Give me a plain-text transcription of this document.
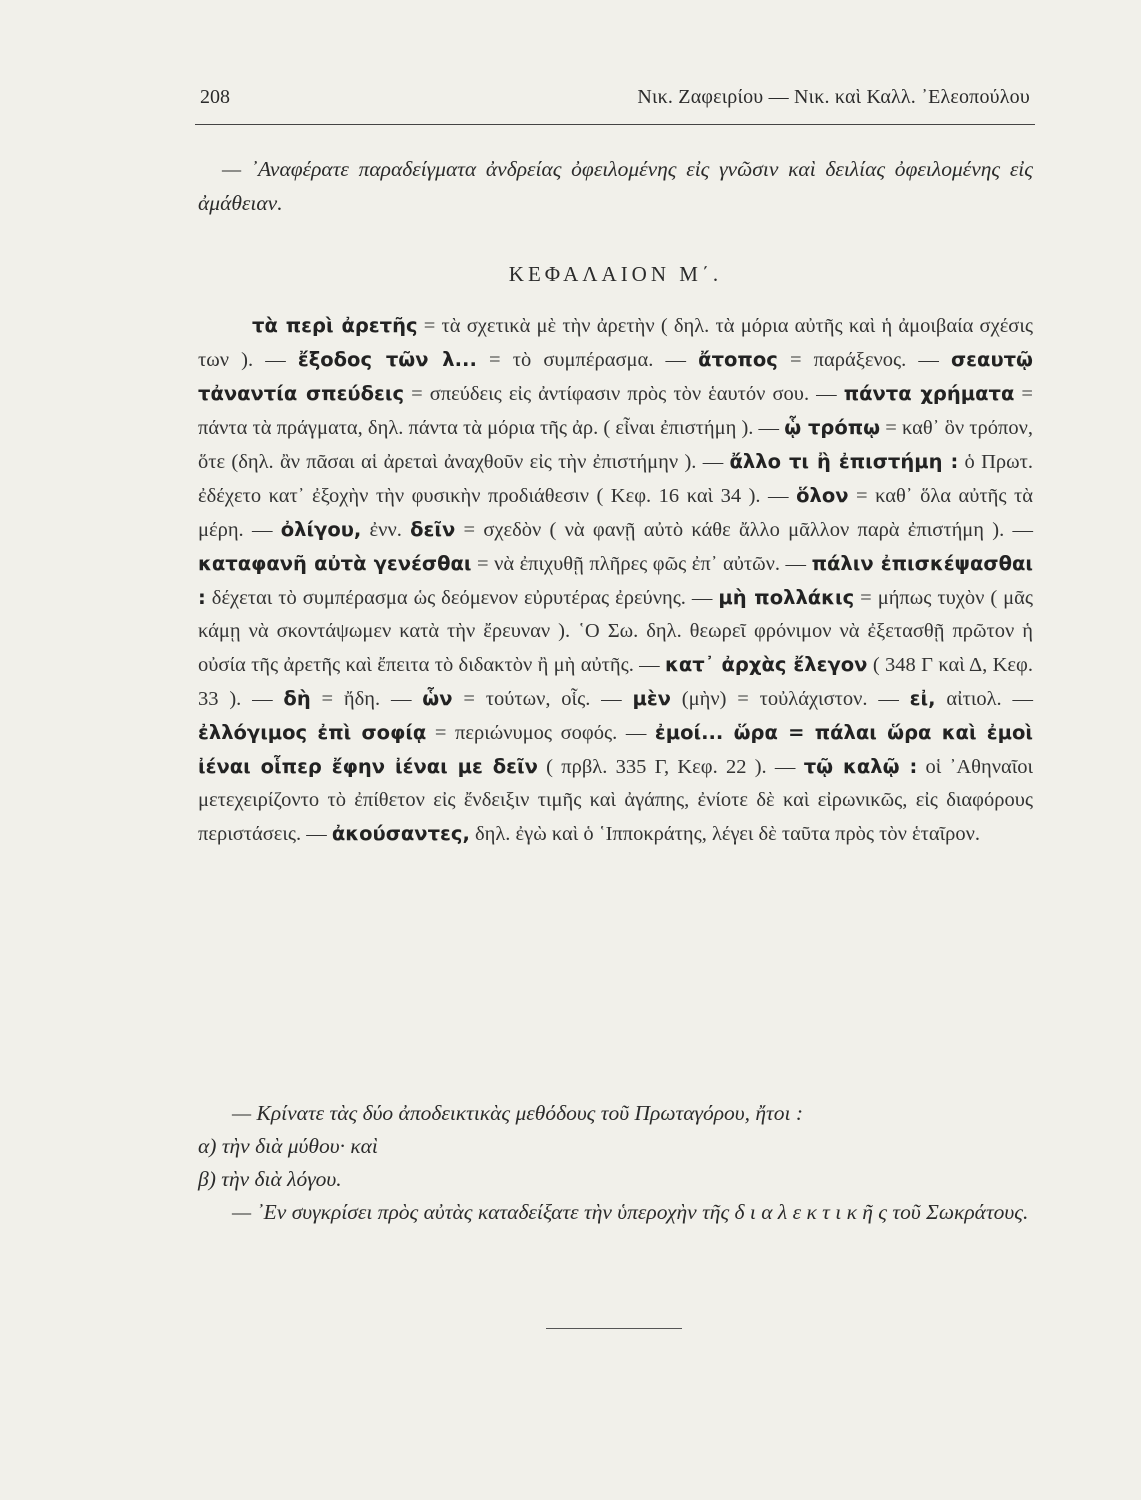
208	Νικ. Ζαφειρίου — Νικ. καὶ Καλλ. ᾿Ελεοπούλου
— ᾿Αναφέρατε παραδείγματα ἀνδρείας ὀφειλομένης εἰς γνῶσιν καὶ δειλίας ὀφειλομένης εἰς ἀμάθειαν.
ΚΕΦΑΛΑΙΟΝ Μ΄.
τὰ περὶ ἀρετῆς = τὰ σχετικὰ μὲ τὴν ἀρετὴν ( δηλ. τὰ μόρια αὐτῆς καὶ ἡ ἀμοιβαία σχέσις των ). — ἔξοδος τῶν λ... = τὸ συμπέρασμα. — ἄτοπος = παράξενος. — σεαυτῷ τἀναντία σπεύδεις = σπεύδεις εἰς ἀντίφασιν πρὸς τὸν ἑαυτόν σου. — πάντα χρήματα = πάντα τὰ πράγματα, δηλ. πάντα τὰ μόρια τῆς ἀρ. ( εἶναι ἐπιστήμη ). — ᾧ τρόπῳ = καθ᾿ ὃν τρόπον, ὅτε (δηλ. ἂν πᾶσαι αἱ ἀρεταὶ ἀναχθοῦν εἰς τὴν ἐπιστήμην ). — ἄλλο τι ἢ ἐπιστήμη : ὁ Πρωτ. ἐδέχετο κατ᾿ ἐξοχὴν τὴν φυσικὴν προδιάθεσιν ( Κεφ. 16 καὶ 34 ). — ὅλον = καθ᾿ ὅλα αὐτῆς τὰ μέρη. — ὀλίγου, ἐνν. δεῖν = σχεδὸν ( νὰ φανῇ αὐτὸ κάθε ἄλλο μᾶλλον παρὰ ἐπιστήμη ). — καταφανῆ αὐτὰ γενέσθαι = νὰ ἐπιχυθῇ πλῆρες φῶς ἐπ᾿ αὐτῶν. — πάλιν ἐπισκέψασθαι : δέχεται τὸ συμπέρασμα ὡς δεόμενον εὐρυτέρας ἐρεύνης. — μὴ πολλάκις = μήπως τυχὸν ( μᾶς κάμῃ νὰ σκοντάψωμεν κατὰ τὴν ἔρευναν ). ῾Ο Σω. δηλ. θεωρεῖ φρόνιμον νὰ ἐξετασθῇ πρῶτον ἡ οὐσία τῆς ἀρετῆς καὶ ἔπειτα τὸ διδακτὸν ἢ μὴ αὐτῆς. — κατ᾿ ἀρχὰς ἔλεγον ( 348 Γ καὶ Δ, Κεφ. 33 ). — δὴ = ἤδη. — ὧν = τούτων, οἷς. — μὲν (μὴν) = τοὐλάχιστον. — εἰ, αἰτιολ. — ἐλλόγιμος ἐπὶ σοφίᾳ = περιώνυμος σοφός. — ἐμοί... ὥρα = πάλαι ὥρα καὶ ἐμοὶ ἰέναι οἷπερ ἔφην ἰέναι με δεῖν ( πρβλ. 335 Γ, Κεφ. 22 ). — τῷ καλῷ : οἱ ᾿Αθηναῖοι μετεχειρίζοντο τὸ ἐπίθετον εἰς ἔνδειξιν τιμῆς καὶ ἀγάπης, ἐνίοτε δὲ καὶ εἰρωνικῶς, εἰς διαφόρους περιστάσεις. — ἀκούσαντες, δηλ. ἐγὼ καὶ ὁ ῾Ιπποκράτης, λέγει δὲ ταῦτα πρὸς τὸν ἑταῖρον.
— Κρίνατε τὰς δύο ἀποδεικτικὰς μεθόδους τοῦ Πρωταγόρου, ἤτοι :
α) τὴν διὰ μύθου· καὶ
β) τὴν διὰ λόγου.
— ᾿Εν συγκρίσει πρὸς αὐτὰς καταδείξατε τὴν ὑπεροχὴν τῆς δ ι α λ ε κ τ ι κ ῆ ς τοῦ Σωκράτους.
